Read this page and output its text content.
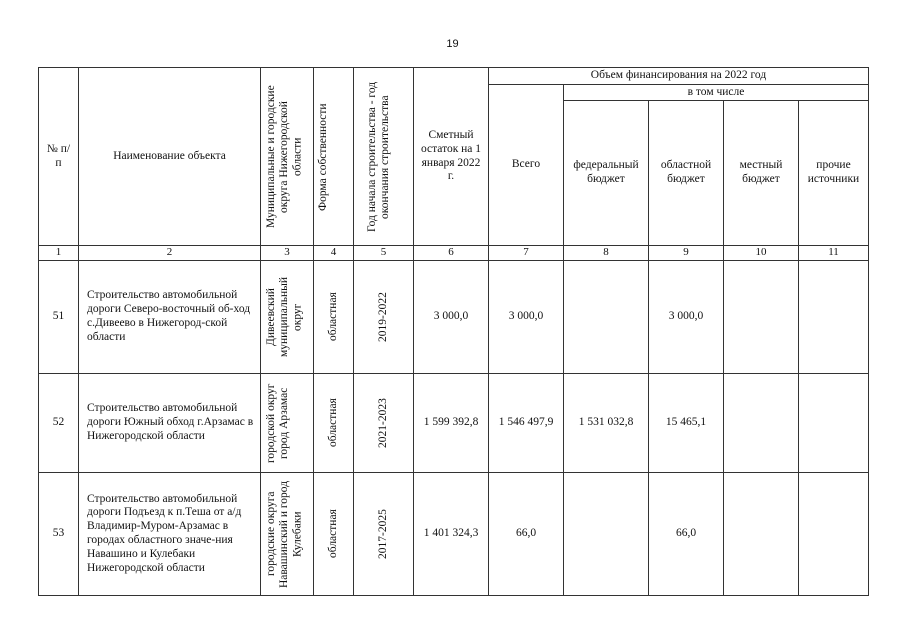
19
№ п/п	Наименование объекта	Муниципальные и городские округа Нижегородской области	Форма собственности	Год начала строительства - год окончания строительства	Сметный остаток на 1 января 2022 г.	Объем финансирования на 2022 год				
						Всего	в том числе			
							федеральный бюджет	областной бюджет	местный бюджет	прочие источники
1	2	3	4	5	6	7	8	9	10	11
51	Строительство автомобильной дороги Северо-восточный об-ход с.Дивеево в Нижегород-ской области	Дивеевский муниципальный округ	областная	2019-2022	3 000,0	3 000,0		3 000,0		
52	Строительство автомобильной дороги Южный обход г.Арзамас в Нижегородской области	городской округ город Арзамас	областная	2021-2023	1 599 392,8	1 546 497,9	1 531 032,8	15 465,1		
53	Строительство автомобильной дороги Подъезд к п.Теша от а/д Владимир-Муром-Арзамас в городах областного значе-ния Навашино и Кулебаки Нижегородской области	городские округа Навашинский и город Кулебаки	областная	2017-2025	1 401 324,3	66,0		66,0		
